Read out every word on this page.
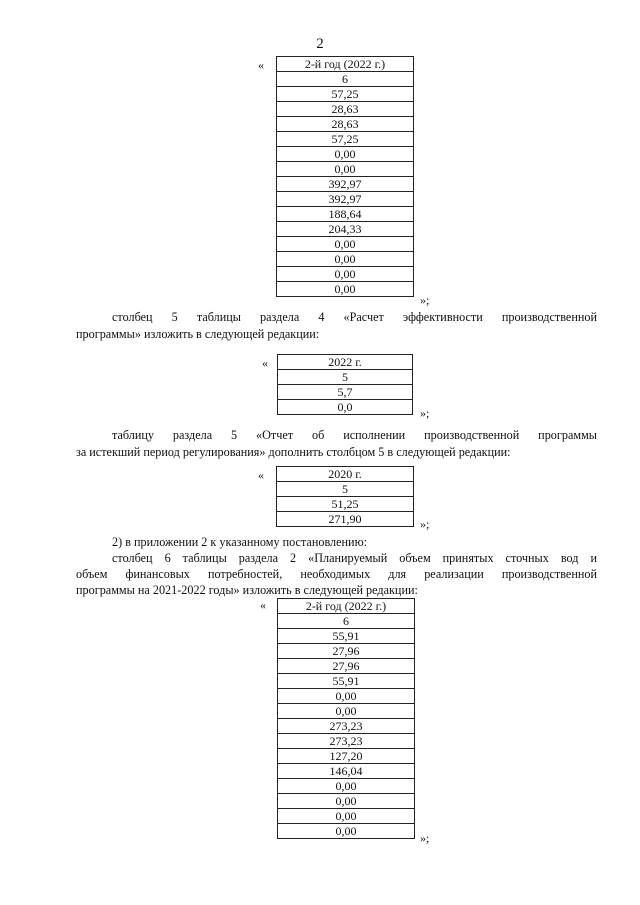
2
«	2-й год (2022 г.)
6
57,25
28,63
28,63
57,25
0,00
0,00
392,97
392,97
188,64
204,33
0,00
0,00
0,00
0,00
»;
столбец 5 таблицы раздела 4 «Расчет эффективности производственной
программы» изложить в следующей редакции:
«	2022 г.
5
5,7
0,0	»;
таблицу раздела 5 «Отчет об исполнении производственной программы
за истекший период регулирования» дополнить столбцом 5 в следующей редакции:
«	2020 г.
5
51,25
271,90	»;
2) в приложении 2 к указанному постановлению:
столбец 6 таблицы раздела 2 «Планируемый объем принятых сточных вод и
объем финансовых потребностей, необходимых для реализации производственной
программы на 2021-2022 годы» изложить в следующей редакции:
«	2-й год (2022 г.)
6
55,91
27,96
27,96
55,91
0,00
0,00
273,23
273,23
127,20
146,04
0,00
0,00
0,00
0,00	»;
